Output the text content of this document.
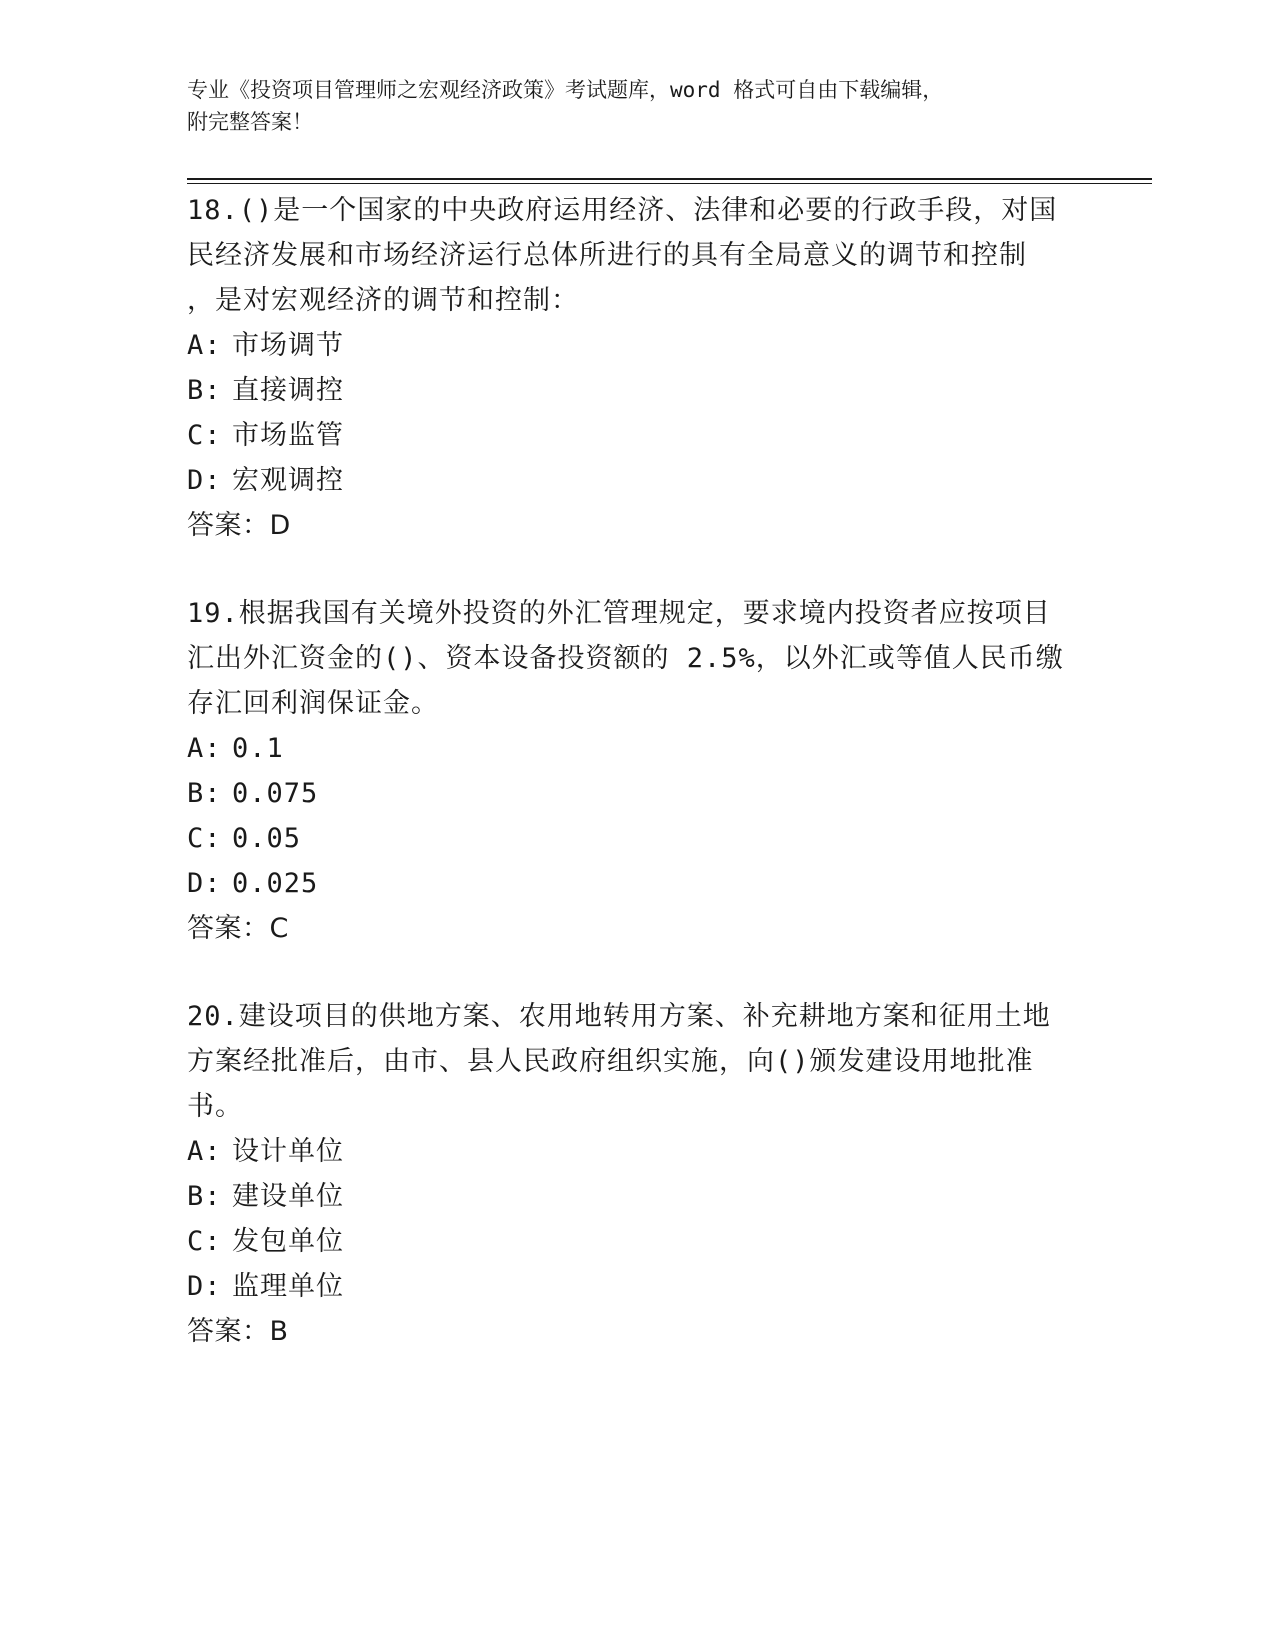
专业《投资项目管理师之宏观经济政策》考试题库，word 格式可自由下载编辑，
附完整答案！
18.()是一个国家的中央政府运用经济、法律和必要的行政手段，对国
民经济发展和市场经济运行总体所进行的具有全局意义的调节和控制
，是对宏观经济的调节和控制：
A: 市场调节
B: 直接调控
C: 市场监管
D: 宏观调控
答案：D
19.根据我国有关境外投资的外汇管理规定，要求境内投资者应按项目
汇出外汇资金的()、资本设备投资额的 2.5%，以外汇或等值人民币缴
存汇回利润保证金。
A: 0.1
B: 0.075
C: 0.05
D: 0.025
答案：C
20.建设项目的供地方案、农用地转用方案、补充耕地方案和征用土地
方案经批准后，由市、县人民政府组织实施，向()颁发建设用地批准
书。
A: 设计单位
B: 建设单位
C: 发包单位
D: 监理单位
答案：B
